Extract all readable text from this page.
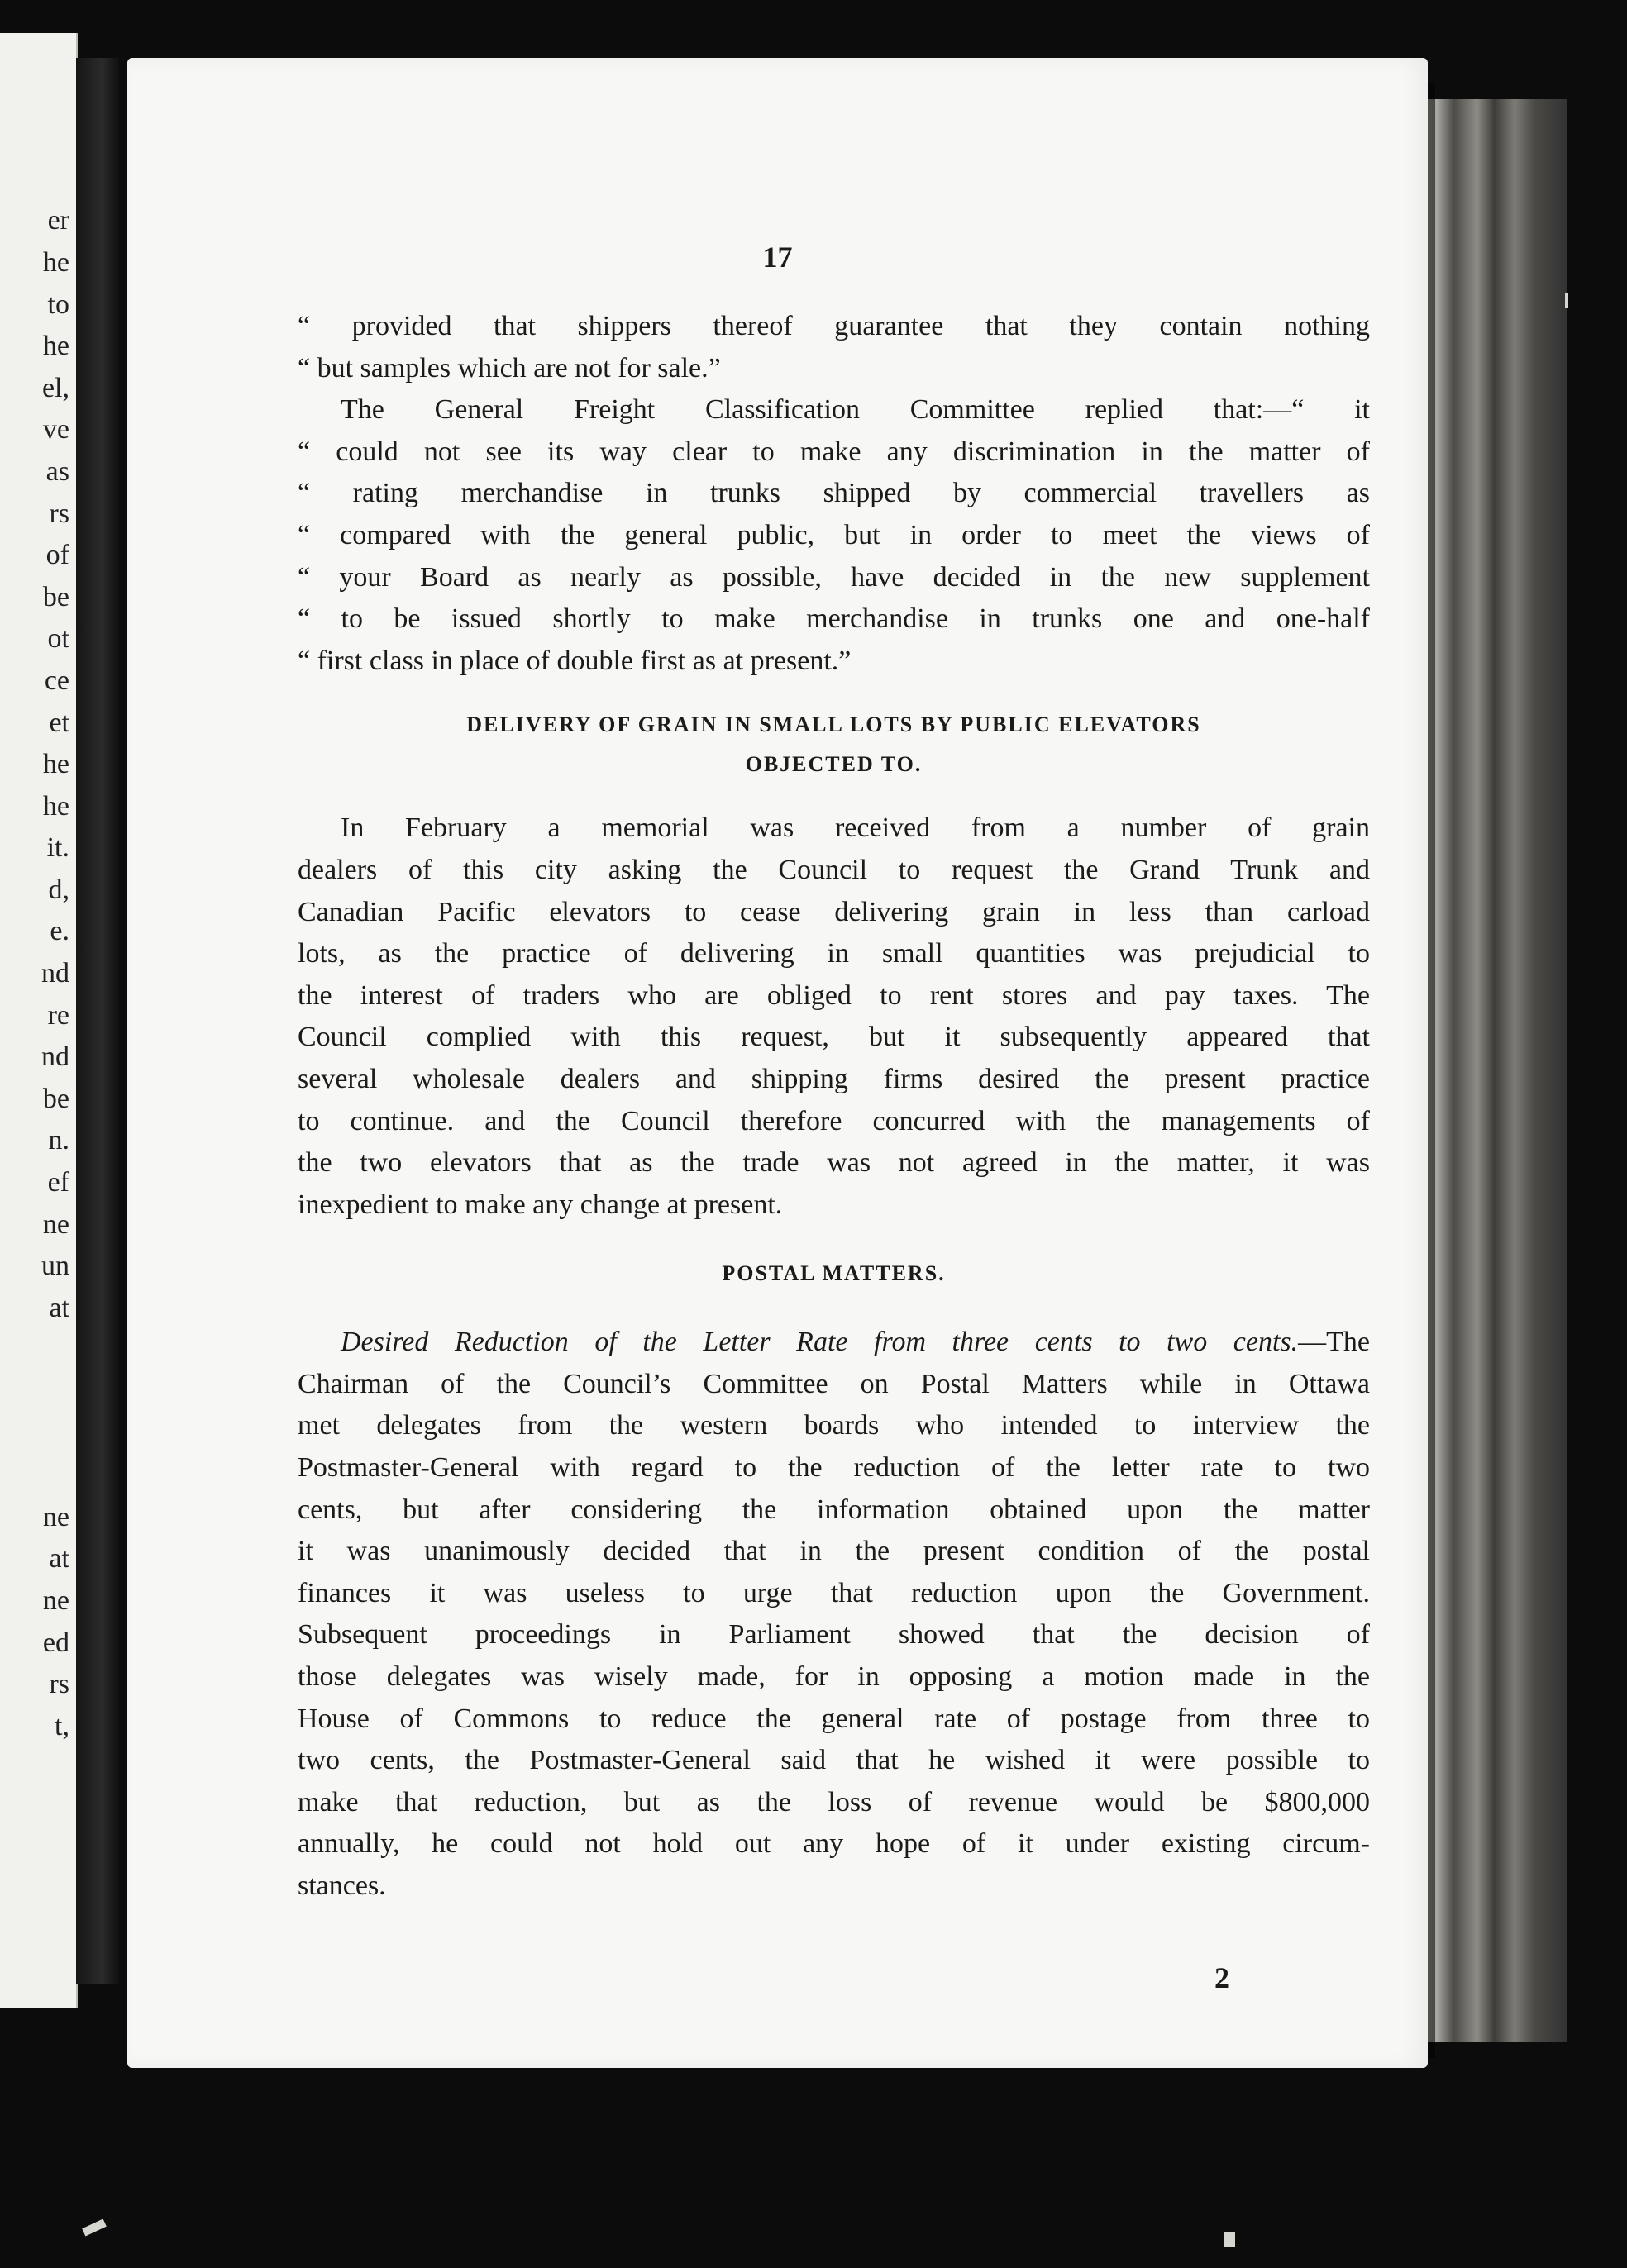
er
he
to
he
el,
ve
as
rs
of
be
ot
ce
et
he
he
it.
d,
e.
nd
re
nd
be
n.
ef
ne
un
at
ne
at
ne
ed
rs
t,
17
“ provided that shippers thereof guarantee that they contain nothing
“ but samples which are not for sale.”
The General Freight Classification Committee replied that:—“ it
“ could not see its way clear to make any discrimination in the matter of
“ rating merchandise in trunks shipped by commercial travellers as
“ compared with the general public, but in order to meet the views of
“ your Board as nearly as possible, have decided in the new supplement
“ to be issued shortly to make merchandise in trunks one and one-half
“ first class in place of double first as at present.”
DELIVERY OF GRAIN IN SMALL LOTS BY PUBLIC ELEVATORS
OBJECTED TO.
In February a memorial was received from a number of grain
dealers of this city asking the Council to request the Grand Trunk and
Canadian Pacific elevators to cease delivering grain in less than carload
lots, as the practice of delivering in small quantities was prejudicial to
the interest of traders who are obliged to rent stores and pay taxes. The
Council complied with this request, but it subsequently appeared that
several wholesale dealers and shipping firms desired the present practice
to continue. and the Council therefore concurred with the managements of
the two elevators that as the trade was not agreed in the matter, it was
inexpedient to make any change at present.
POSTAL MATTERS.
Desired Reduction of the Letter Rate from three cents to two cents.—The
Chairman of the Council’s Committee on Postal Matters while in Ottawa
met delegates from the western boards who intended to interview the
Postmaster-General with regard to the reduction of the letter rate to two
cents, but after considering the information obtained upon the matter
it was unanimously decided that in the present condition of the postal
finances it was useless to urge that reduction upon the Government.
Subsequent proceedings in Parliament showed that the decision of
those delegates was wisely made, for in opposing a motion made in the
House of Commons to reduce the general rate of postage from three to
two cents, the Postmaster-General said that he wished it were possible to
make that reduction, but as the loss of revenue would be $800,000
annually, he could not hold out any hope of it under existing circum-
stances.
2
